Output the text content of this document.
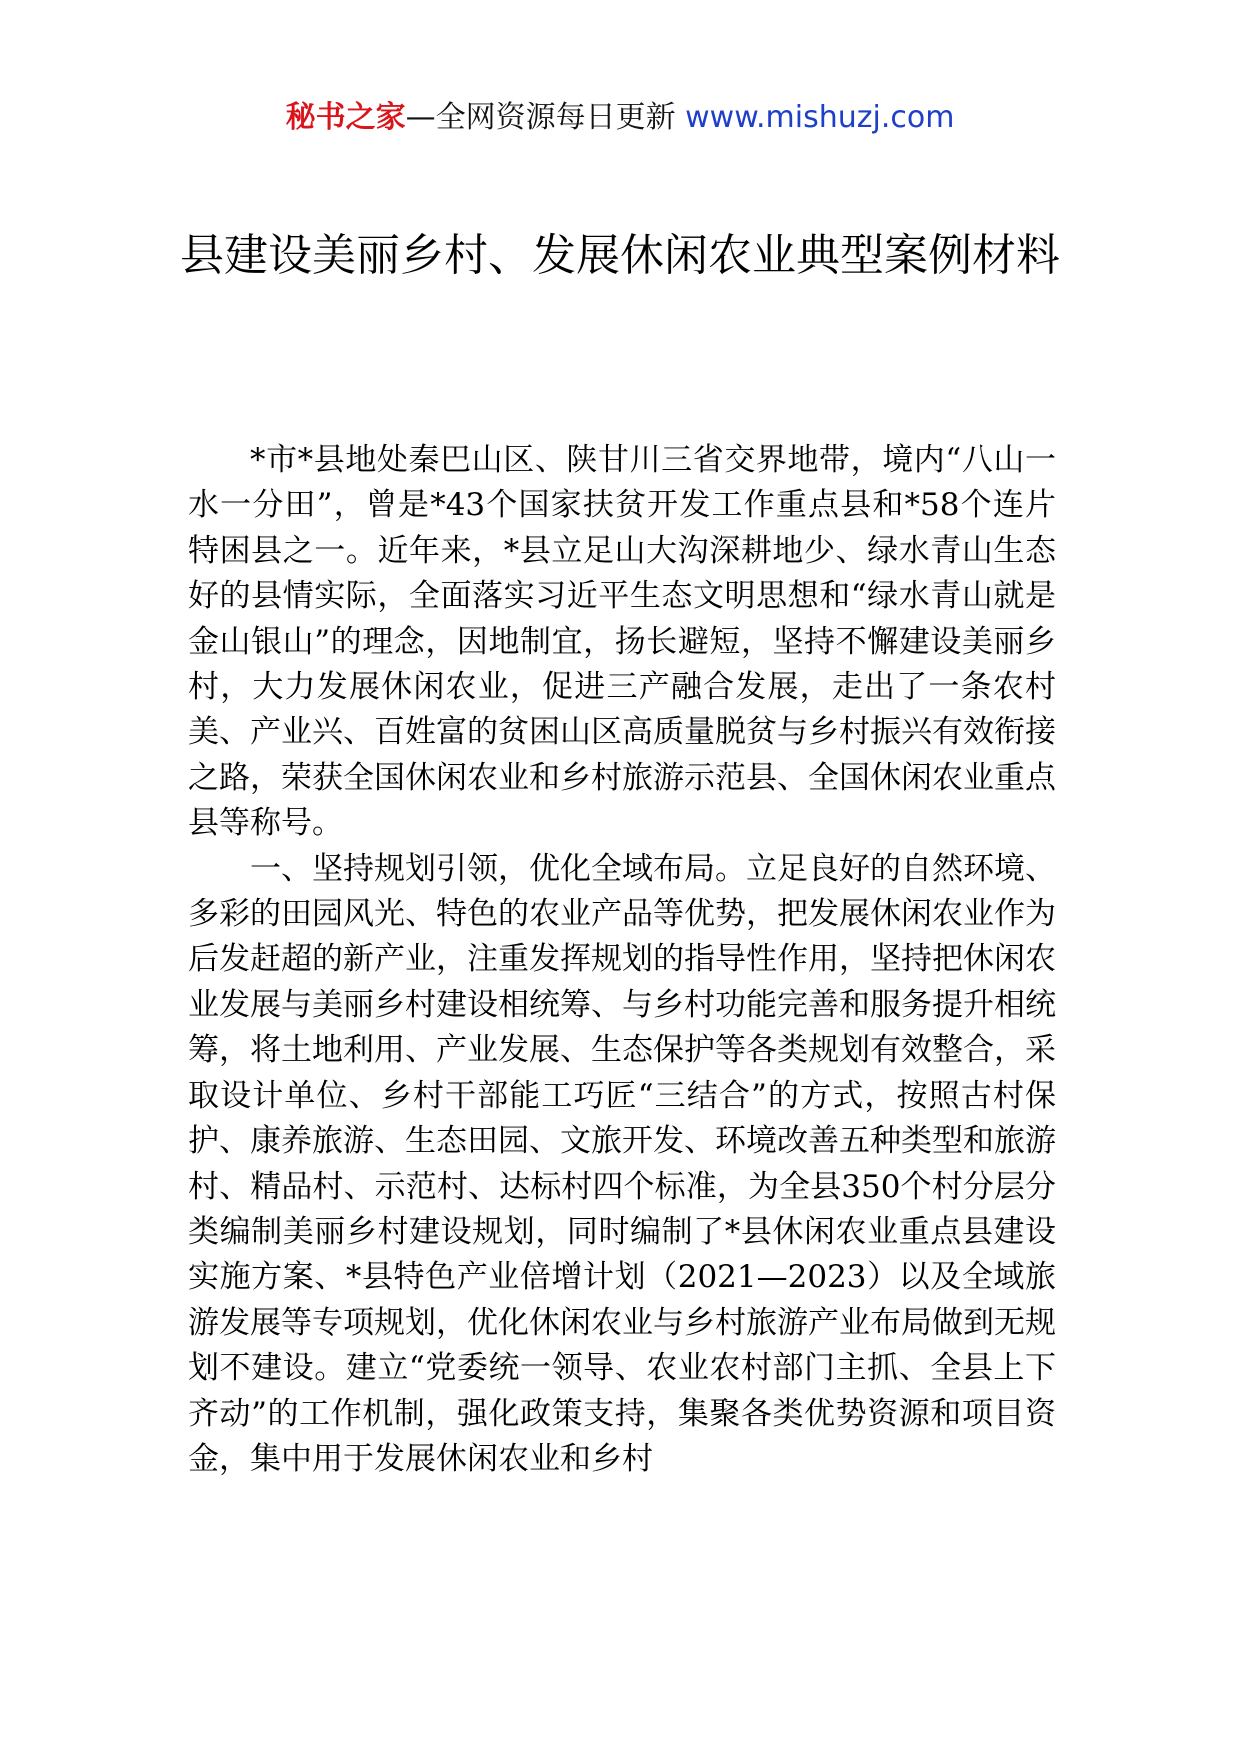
秘书之家—全网资源每日更新 www.mishuzj.com
县建设美丽乡村、发展休闲农业典型案例材料

*市*县地处秦巴山区、陕甘川三省交界地带，境内“八山一水一分田”，曾是*43个国家扶贫开发工作重点县和*58个连片特困县之一。近年来，*县立足山大沟深耕地少、绿水青山生态好的县情实际，全面落实习近平生态文明思想和“绿水青山就是金山银山”的理念，因地制宜，扬长避短，坚持不懈建设美丽乡村，大力发展休闲农业，促进三产融合发展，走出了一条农村美、产业兴、百姓富的贫困山区高质量脱贫与乡村振兴有效衔接之路，荣获全国休闲农业和乡村旅游示范县、全国休闲农业重点县等称号。

一、坚持规划引领，优化全域布局。立足良好的自然环境、多彩的田园风光、特色的农业产品等优势，把发展休闲农业作为后发赶超的新产业，注重发挥规划的指导性作用，坚持把休闲农业发展与美丽乡村建设相统筹、与乡村功能完善和服务提升相统筹，将土地利用、产业发展、生态保护等各类规划有效整合，采取设计单位、乡村干部能工巧匠“三结合”的方式，按照古村保护、康养旅游、生态田园、文旅开发、环境改善五种类型和旅游村、精品村、示范村、达标村四个标准，为全县350个村分层分类编制美丽乡村建设规划，同时编制了*县休闲农业重点县建设实施方案、*县特色产业倍增计划（2021—2023）以及全域旅游发展等专项规划，优化休闲农业与乡村旅游产业布局做到无规划不建设。建立“党委统一领导、农业农村部门主抓、全县上下齐动”的工作机制，强化政策支持，集聚各类优势资源和项目资金，集中用于发展休闲农业和乡村
